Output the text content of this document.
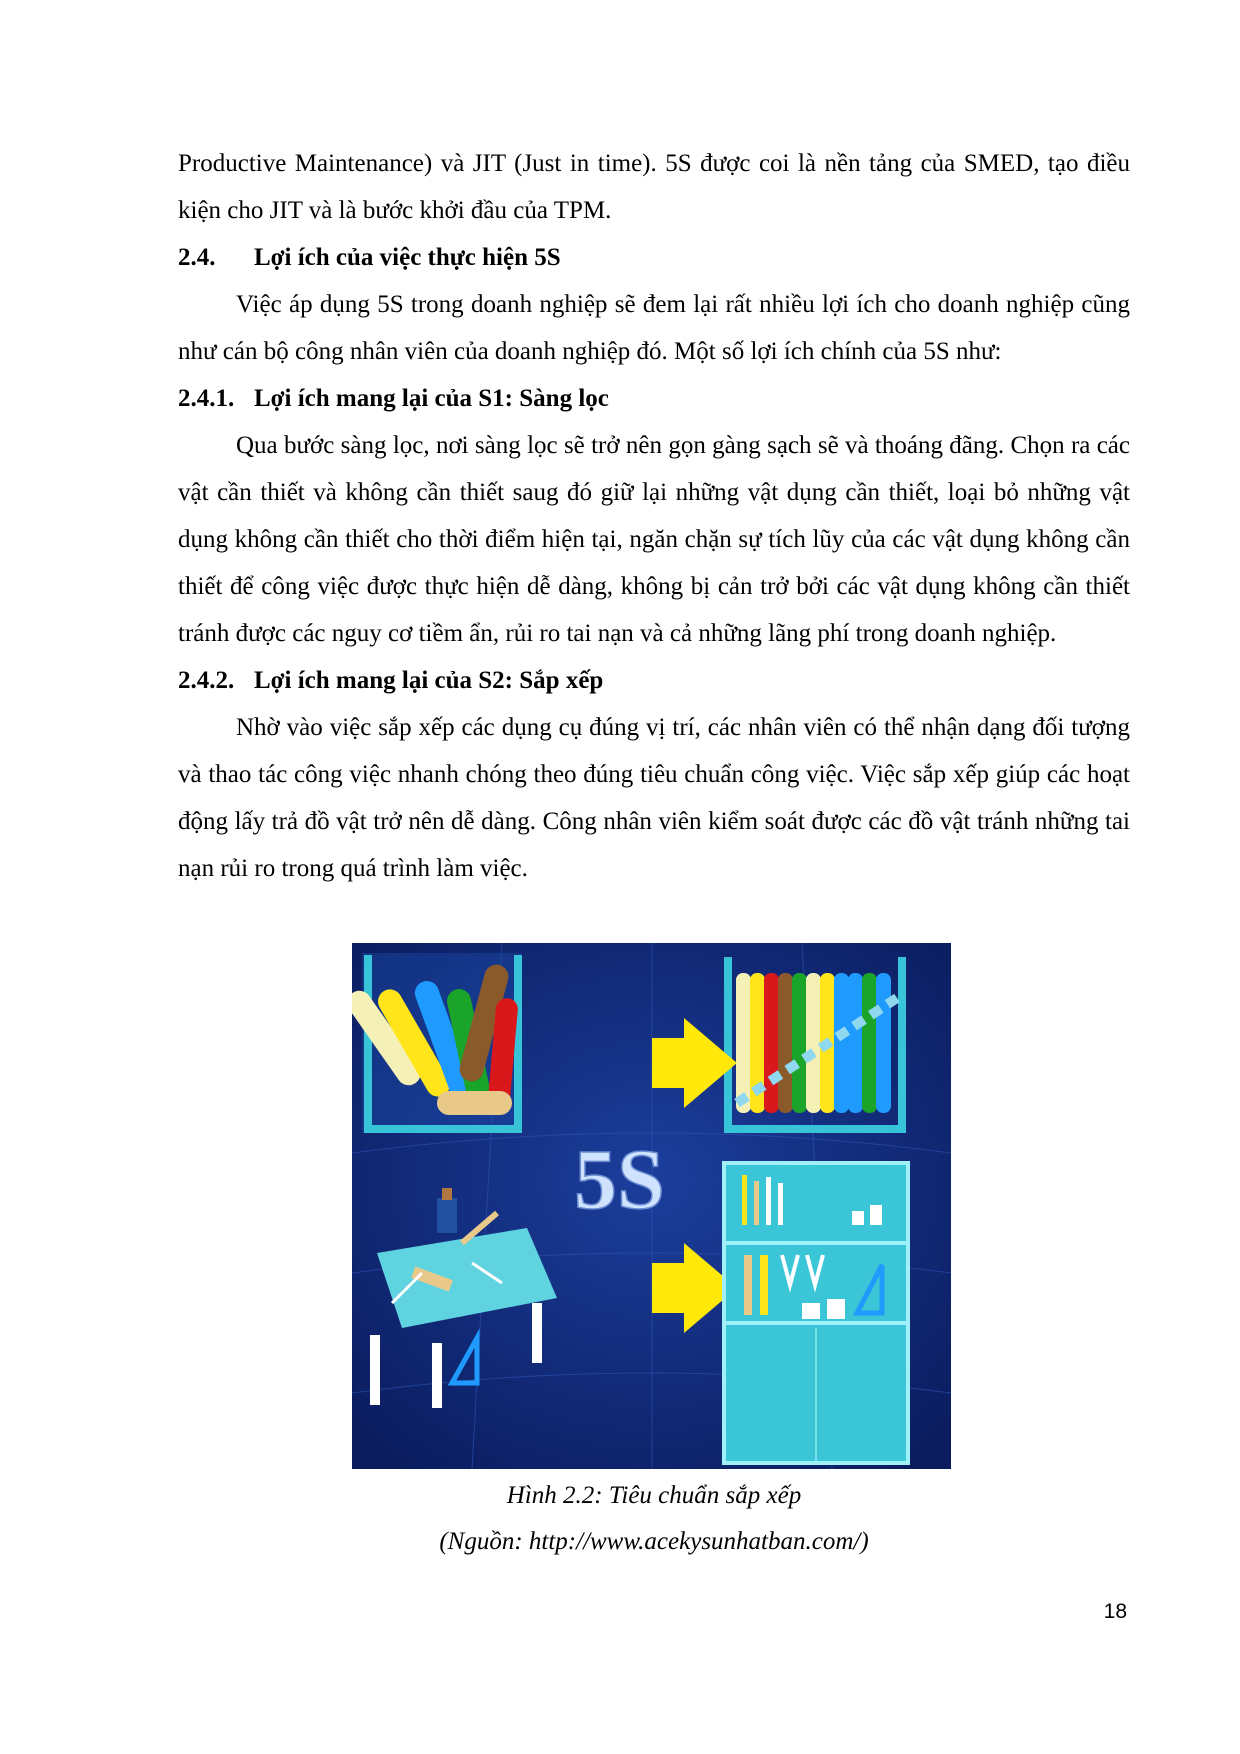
Productive Maintenance) và JIT (Just in time). 5S được coi là nền tảng của SMED, tạo điều kiện cho JIT và là bước khởi đầu của TPM.

2.4. Lợi ích của việc thực hiện 5S

Việc áp dụng 5S trong doanh nghiệp sẽ đem lại rất nhiều lợi ích cho doanh nghiệp cũng như cán bộ công nhân viên của doanh nghiệp đó. Một số lợi ích chính của 5S như:

2.4.1. Lợi ích mang lại của S1: Sàng lọc

Qua bước sàng lọc, nơi sàng lọc sẽ trở nên gọn gàng sạch sẽ và thoáng đãng. Chọn ra các vật cần thiết và không cần thiết saug đó giữ lại những vật dụng cần thiết, loại bỏ những vật dụng không cần thiết cho thời điểm hiện tại, ngăn chặn sự tích lũy của các vật dụng không cần thiết để công việc được thực hiện dễ dàng, không bị cản trở bởi các vật dụng không cần thiết tránh được các nguy cơ tiềm ẩn, rủi ro tai nạn và cả những lãng phí trong doanh nghiệp.

2.4.2. Lợi ích mang lại của S2: Sắp xếp

Nhờ vào việc sắp xếp các dụng cụ đúng vị trí, các nhân viên có thể nhận dạng đối tượng và thao tác công việc nhanh chóng theo đúng tiêu chuẩn công việc. Việc sắp xếp giúp các hoạt động lấy trả đồ vật trở nên dễ dàng. Công nhân viên kiểm soát được các đồ vật tránh những tai nạn rủi ro trong quá trình làm việc.

5S
Hình 2.2: Tiêu chuẩn sắp xếp
(Nguồn: http://www.acekysunhatban.com/)
18
